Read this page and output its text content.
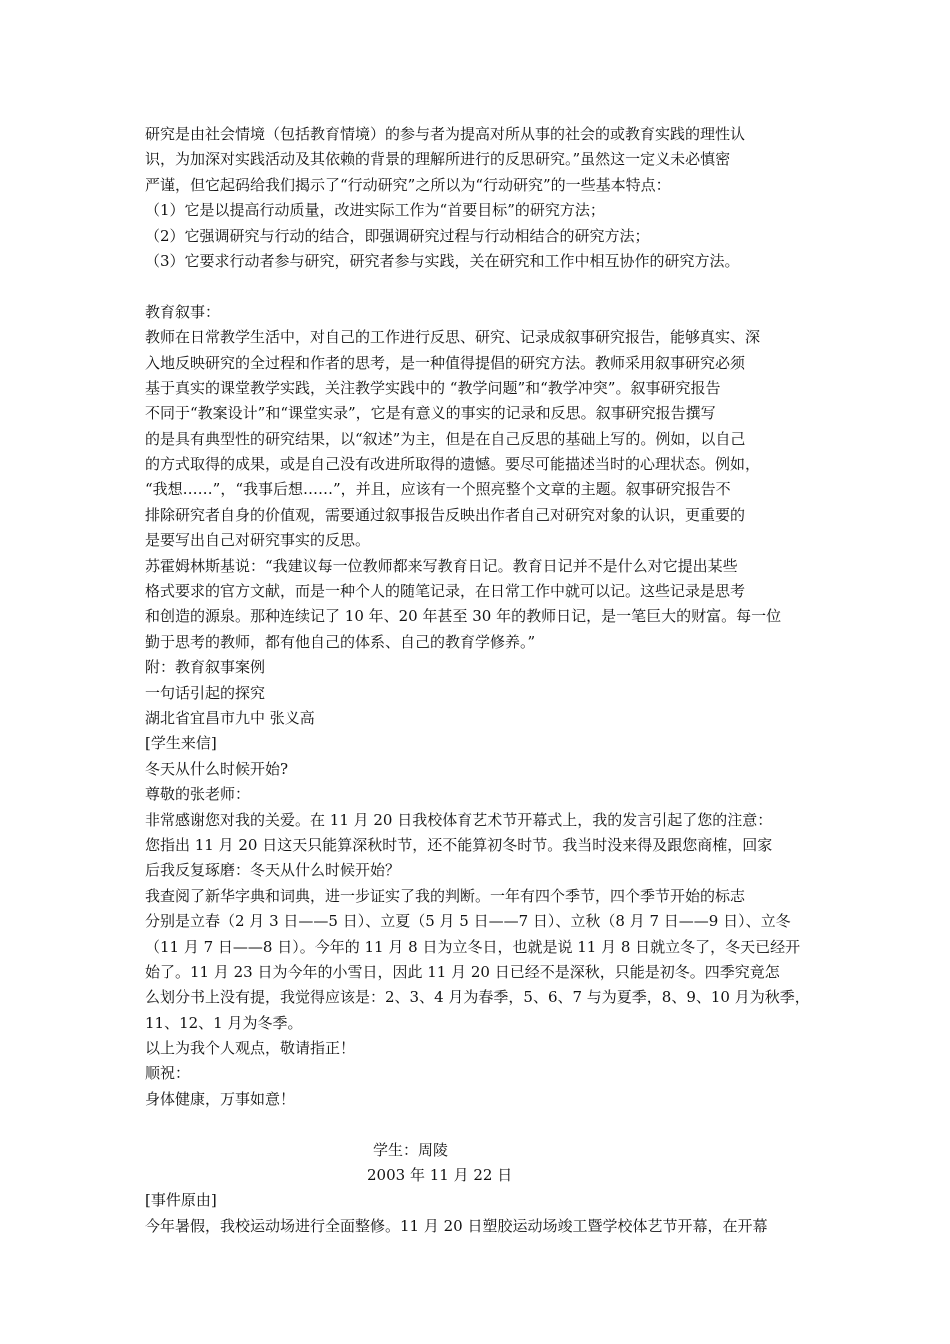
研究是由社会情境（包括教育情境）的参与者为提高对所从事的社会的或教育实践的理性认
识，为加深对实践活动及其依赖的背景的理解所进行的反思研究。”虽然这一定义未必慎密
严谨，但它起码给我们揭示了“行动研究”之所以为“行动研究”的一些基本特点：
（1）它是以提高行动质量，改进实际工作为“首要目标”的研究方法；
（2）它强调研究与行动的结合，即强调研究过程与行动相结合的研究方法；
（3）它要求行动者参与研究，研究者参与实践，关在研究和工作中相互协作的研究方法。
教育叙事：
教师在日常教学生活中，对自己的工作进行反思、研究、记录成叙事研究报告，能够真实、深
入地反映研究的全过程和作者的思考，是一种值得提倡的研究方法。教师采用叙事研究必须
基于真实的课堂教学实践，关注教学实践中的 “教学问题”和“教学冲突”。叙事研究报告
不同于“教案设计”和“课堂实录”，它是有意义的事实的记录和反思。叙事研究报告撰写
的是具有典型性的研究结果，以“叙述”为主，但是在自己反思的基础上写的。例如，以自己
的方式取得的成果，或是自己没有改进所取得的遗憾。要尽可能描述当时的心理状态。例如，
“我想……”，“我事后想……”，并且，应该有一个照亮整个文章的主题。叙事研究报告不
排除研究者自身的价值观，需要通过叙事报告反映出作者自己对研究对象的认识，更重要的
是要写出自己对研究事实的反思。
苏霍姆林斯基说：“我建议每一位教师都来写教育日记。教育日记并不是什么对它提出某些
格式要求的官方文献，而是一种个人的随笔记录，在日常工作中就可以记。这些记录是思考
和创造的源泉。那种连续记了 10 年、20 年甚至 30 年的教师日记，是一笔巨大的财富。每一位
勤于思考的教师，都有他自己的体系、自己的教育学修养。”
附：教育叙事案例
一句话引起的探究
湖北省宜昌市九中 张义高
[学生来信]
冬天从什么时候开始?
尊敬的张老师：
非常感谢您对我的关爱。在 11 月 20 日我校体育艺术节开幕式上，我的发言引起了您的注意：
您指出 11 月 20 日这天只能算深秋时节，还不能算初冬时节。我当时没来得及跟您商榷，回家
后我反复琢磨：冬天从什么时候开始？
我查阅了新华字典和词典，进一步证实了我的判断。一年有四个季节，四个季节开始的标志
分别是立春（2 月 3 日——5 日）、立夏（5 月 5 日——7 日）、立秋（8 月 7 日——9 日）、立冬
（11 月 7 日——8 日）。今年的 11 月 8 日为立冬日，也就是说 11 月 8 日就立冬了，冬天已经开
始了。11 月 23 日为今年的小雪日，因此 11 月 20 日已经不是深秋，只能是初冬。四季究竟怎
么划分书上没有提，我觉得应该是：2、3、4 月为春季，5、6、7 与为夏季，8、9、10 月为秋季，
11、12、1 月为冬季。
以上为我个人观点，敬请指正！
顺祝：
身体健康，万事如意！
学生：周陵
2003 年 11 月 22 日
[事件原由]
今年暑假，我校运动场进行全面整修。11 月 20 日塑胶运动场竣工暨学校体艺节开幕，在开幕
